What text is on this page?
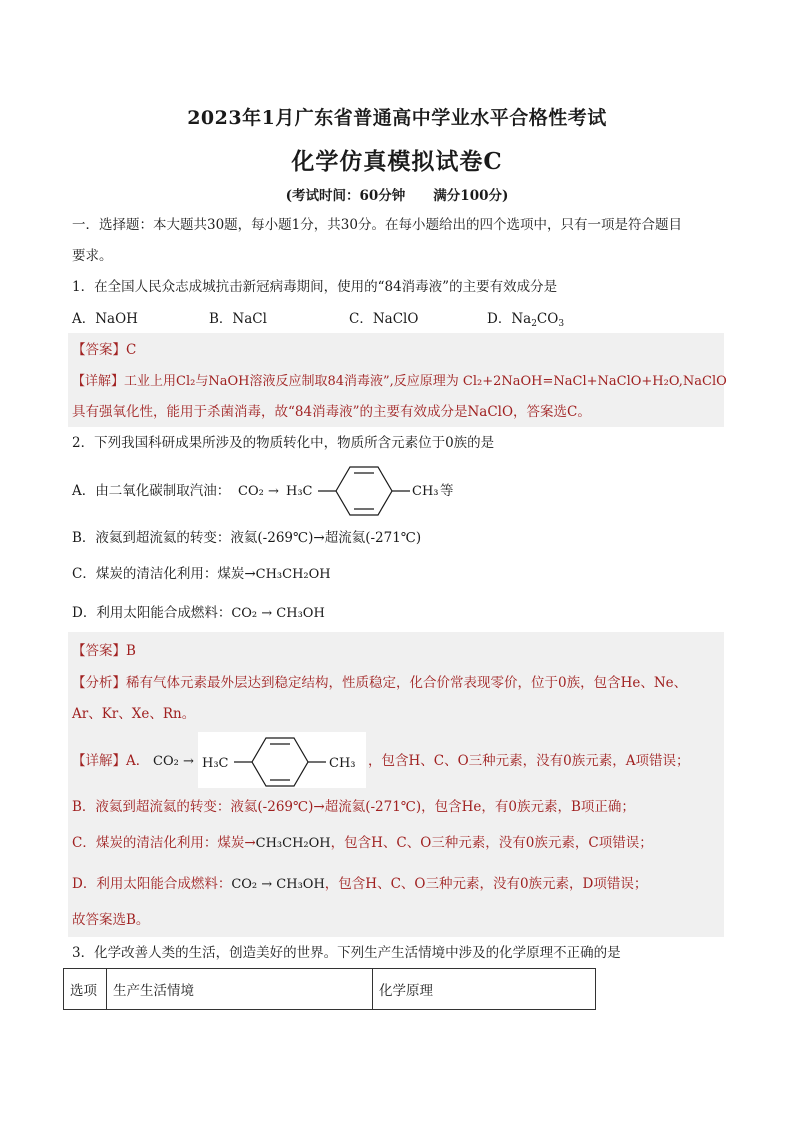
2023年1月广东省普通高中学业水平合格性考试
化学仿真模拟试卷C
(考试时间：60分钟 满分100分)
一．选择题：本大题共30题，每小题1分，共30分。在每小题给出的四个选项中，只有一项是符合题目
要求。
1．在全国人民众志成城抗击新冠病毒期间，使用的“84消毒液”的主要有效成分是
A．NaOH	B．NaCl	C．NaClO	D．$Na_2CO_3$
【答案】C
【详解】工业上用Cl₂与NaOH溶液反应制取84消毒液”,反应原理为 Cl₂+2NaOH=NaCl+NaClO+H₂O,NaClO
具有强氧化性，能用于杀菌消毒，故“84消毒液”的主要有效成分是NaClO，答案选C。
2．下列我国科研成果所涉及的物质转化中，物质所含元素位于0族的是
A．由二氧化碳制取汽油： CO₂ → H₃C	CH₃ 等
B．液氦到超流氦的转变：液氦(-269℃)→超流氦(-271℃)
C．煤炭的清洁化利用：煤炭→CH₃CH₂OH
D．利用太阳能合成燃料：CO₂ → CH₃OH
【答案】B
【分析】稀有气体元素最外层达到稳定结构，性质稳定，化合价常表现零价，位于0族，包含He、Ne、
Ar、Kr、Xe、Rn。
【详解】A．	H₃C	CH₃
CO₂ →	，包含H、C、O三种元素，没有0族元素，A项错误；
B．液氦到超流氦的转变：液氦(-269℃)→超流氦(-271℃)，包含He，有0族元素，B项正确；
C．煤炭的清洁化利用：煤炭→CH₃CH₂OH，包含H、C、O三种元素，没有0族元素，C项错误；
D．利用太阳能合成燃料：CO₂ → CH₃OH，包含H、C、O三种元素，没有0族元素，D项错误；
故答案选B。
3．化学改善人类的生活，创造美好的世界。下列生产生活情境中涉及的化学原理不正确的是
选项	生产生活情境	化学原理
